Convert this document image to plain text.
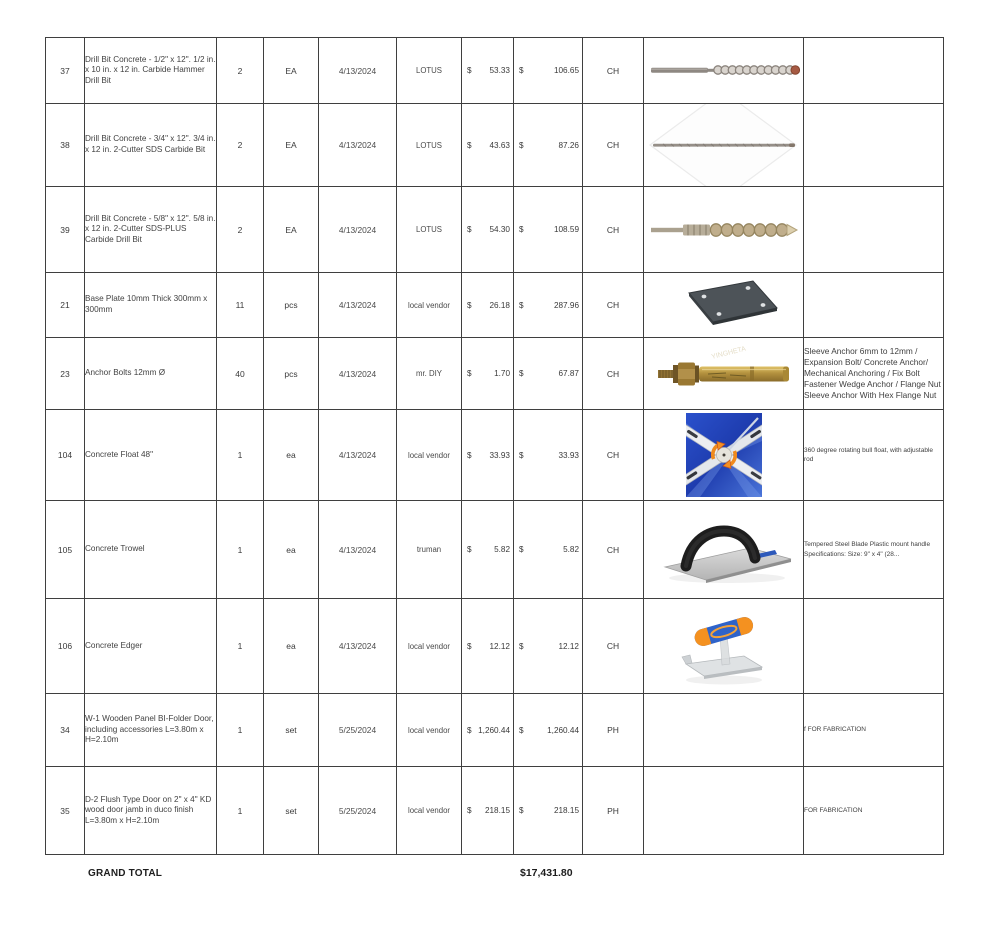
37	Drill Bit Concrete - 1/2" x 12". 1/2 in. x 10 in. x 12 in. Carbide Hammer Drill Bit	2	EA	4/13/2024	LOTUS	$ 53.33	$ 106.65	CH		
38	Drill Bit Concrete - 3/4" x 12". 3/4 in. x 12 in. 2-Cutter SDS Carbide Bit	2	EA	4/13/2024	LOTUS	$ 43.63	$ 87.26	CH	

39	Drill Bit Concrete - 5/8" x 12". 5/8 in. x 12 in. 2-Cutter SDS-PLUS Carbide Drill Bit	2	EA	4/13/2024	LOTUS	$ 54.30	$ 108.59	CH		
21	Base Plate 10mm Thick 300mm x 300mm	11	pcs	4/13/2024	local vendor	$ 26.18	$ 287.96	CH		
23	Anchor Bolts 12mm Ø	40	pcs	4/13/2024	mr. DIY	$ 1.70	$ 67.87	CH	YINGHETA	Sleeve Anchor 6mm to 12mm / Expansion Bolt/ Concrete Anchor/ Mechanical Anchoring / Fix Bolt Fastener Wedge Anchor / Flange Nut Sleeve Anchor With Hex Flange Nut
104	Concrete Float 48"	1	ea	4/13/2024	local vendor	$ 33.93	$ 33.93	CH		360 degree rotating bull float, with adjustable rod
105	Concrete Trowel	1	ea	4/13/2024	truman	$ 5.82	$ 5.82	CH		Tempered Steel Blade Plastic mount handle Specifications: Size: 9" x 4" (28...
106	Concrete Edger	1	ea	4/13/2024	local vendor	$ 12.12	$ 12.12	CH		
34	W-1 Wooden Panel BI-Folder Door, including accessories L=3.80m x H=2.10m	1	set	5/25/2024	local vendor	$ 1,260.44	$ 1,260.44	PH		f FOR FABRICATION
35	D-2 Flush Type Door on 2" x 4" KD wood door jamb in duco finish L=3.80m x H=2.10m	1	set	5/25/2024	local vendor	$ 218.15	$ 218.15	PH		FOR FABRICATION
GRAND TOTAL	$17,431.80
